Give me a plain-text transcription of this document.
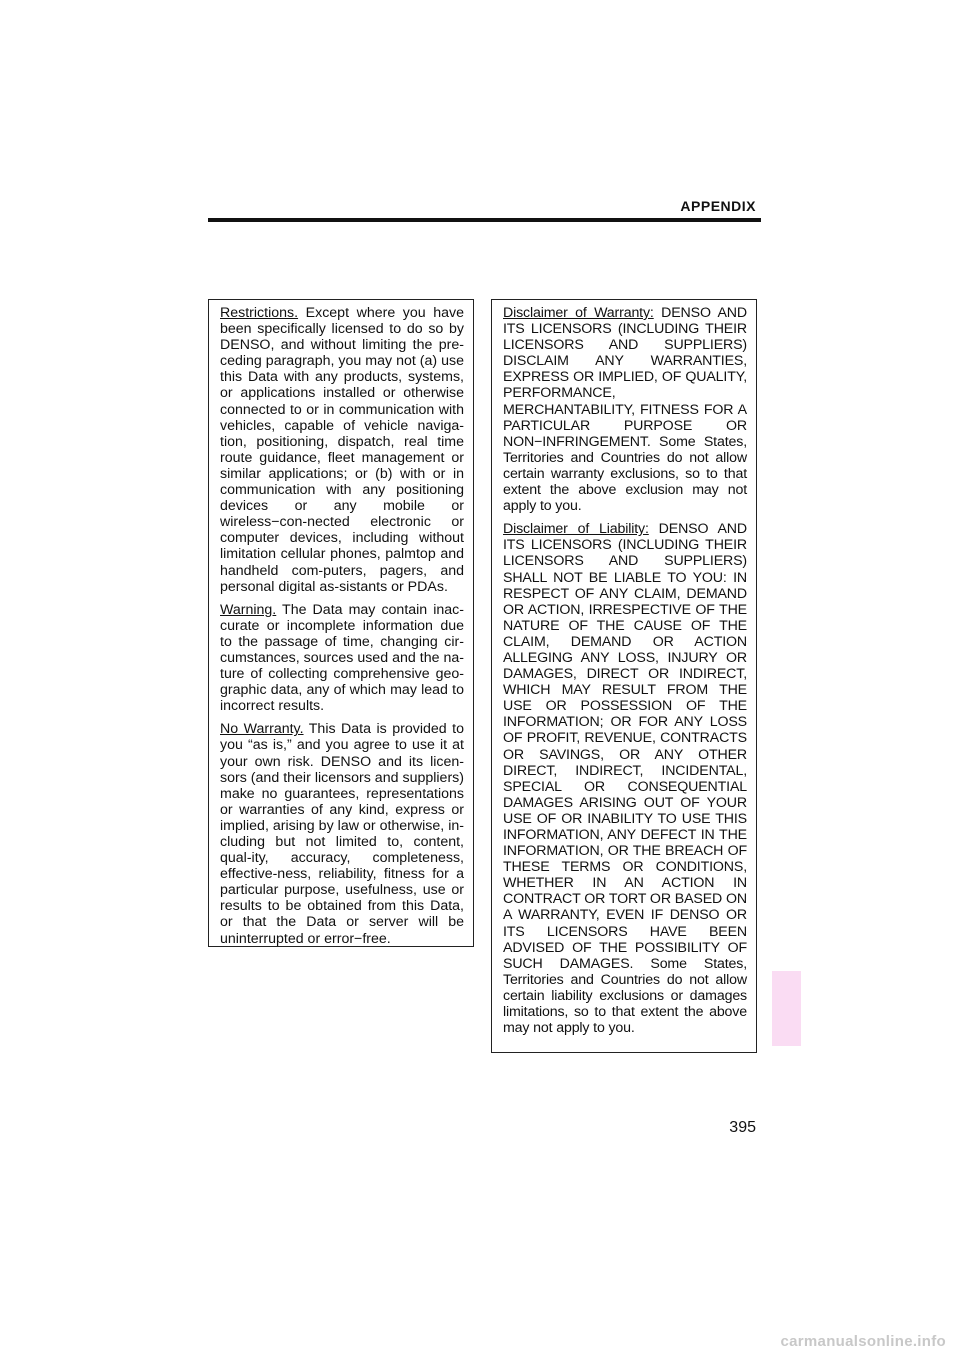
APPENDIX

Restrictions. Except where you have been specifically licensed to do so by DENSO, and without limiting the pre-ceding paragraph, you may not (a) use this Data with any products, systems, or applications installed or otherwise connected to or in communication with vehicles, capable of vehicle naviga-tion, positioning, dispatch, real time route guidance, fleet management or similar applications; or (b) with or in communication with any positioning devices or any mobile or wireless−con-nected electronic or computer devices, including without limitation cellular phones, palmtop and handheld com-puters, pagers, and personal digital as-sistants or PDAs.

Warning. The Data may contain inac-curate or incomplete information due to the passage of time, changing cir-cumstances, sources used and the na-ture of collecting comprehensive geo-graphic data, any of which may lead to incorrect results.

No Warranty. This Data is provided to you “as is,” and you agree to use it at your own risk. DENSO and its licen-sors (and their licensors and suppliers) make no guarantees, representations or warranties of any kind, express or implied, arising by law or otherwise, in-cluding but not limited to, content, qual-ity, accuracy, completeness, effective-ness, reliability, fitness for a particular purpose, usefulness, use or results to be obtained from this Data, or that the Data or server will be uninterrupted or error−free.

Disclaimer of Warranty: DENSO AND ITS LICENSORS (INCLUDING THEIR LICENSORS AND SUPPLIERS) DISCLAIM ANY WARRANTIES, EXPRESS OR IMPLIED, OF QUALITY, PERFORMANCE, MERCHANTABILITY, FITNESS FOR A PARTICULAR PURPOSE OR NON−INFRINGEMENT. Some States, Territories and Countries do not allow certain warranty exclusions, so to that extent the above exclusion may not apply to you.

Disclaimer of Liability: DENSO AND ITS LICENSORS (INCLUDING THEIR LICENSORS AND SUPPLIERS) SHALL NOT BE LIABLE TO YOU: IN RESPECT OF ANY CLAIM, DEMAND OR ACTION, IRRESPECTIVE OF THE NATURE OF THE CAUSE OF THE CLAIM, DEMAND OR ACTION ALLEGING ANY LOSS, INJURY OR DAMAGES, DIRECT OR INDIRECT, WHICH MAY RESULT FROM THE USE OR POSSESSION OF THE INFORMATION; OR FOR ANY LOSS OF PROFIT, REVENUE, CONTRACTS OR SAVINGS, OR ANY OTHER DIRECT, INDIRECT, INCIDENTAL, SPECIAL OR CONSEQUENTIAL DAMAGES ARISING OUT OF YOUR USE OF OR INABILITY TO USE THIS INFORMATION, ANY DEFECT IN THE INFORMATION, OR THE BREACH OF THESE TERMS OR CONDITIONS, WHETHER IN AN ACTION IN CONTRACT OR TORT OR BASED ON A WARRANTY, EVEN IF DENSO OR ITS LICENSORS HAVE BEEN ADVISED OF THE POSSIBILITY OF SUCH DAMAGES. Some States, Territories and Countries do not allow certain liability exclusions or damages limitations, so to that extent the above may not apply to you.

395
carmanualsonline.info
